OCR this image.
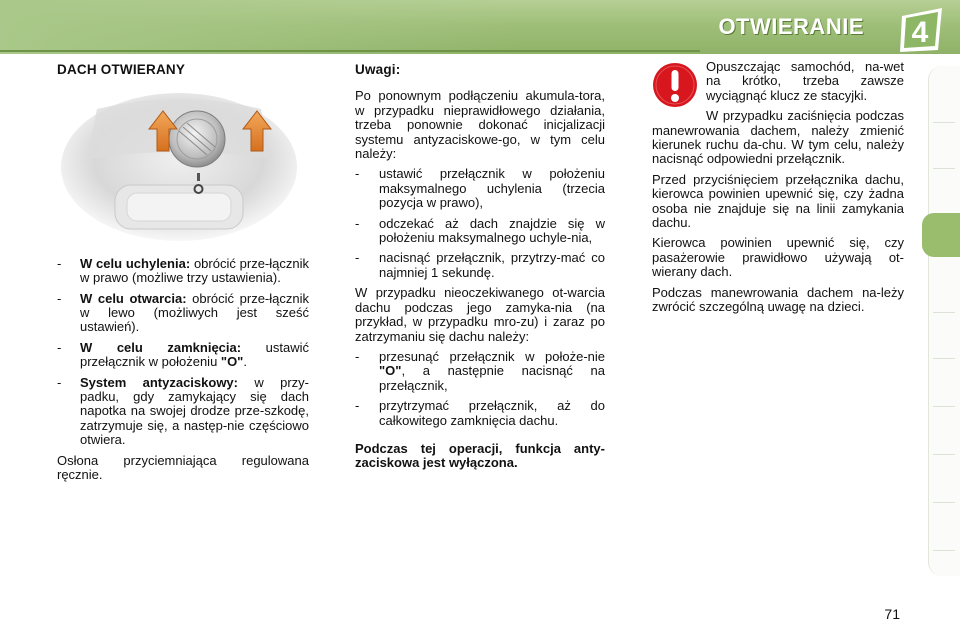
OTWIERANIE 4
DACH OTWIERANY

- W celu uchylenia: obrócić prze-łącznik w prawo (możliwe trzy ustawienia).

- W celu otwarcia: obrócić prze-łącznik w lewo (możliwych jest sześć ustawień).

- W celu zamknięcia: ustawić przełącznik w położeniu "O".

- System antyzaciskowy: w przy-padku, gdy zamykający się dach napotka na swojej drodze prze-szkodę, zatrzymuje się, a następ-nie częściowo otwiera.

Osłona przyciemniająca regulowana ręcznie.

Uwagi:

Po ponownym podłączeniu akumula-tora, w przypadku nieprawidłowego działania, trzeba ponownie dokonać inicjalizacji systemu antyzaciskowe-go, w tym celu należy:

- ustawić przełącznik w położeniu maksymalnego uchylenia (trzecia pozycja w prawo),

- odczekać aż dach znajdzie się w położeniu maksymalnego uchyle-nia,

- nacisnąć przełącznik, przytrzy-mać co najmniej 1 sekundę.

W przypadku nieoczekiwanego ot-warcia dachu podczas jego zamyka-nia (na przykład, w przypadku mro-zu) i zaraz po zatrzymaniu się dachu należy:

- przesunąć przełącznik w położe-nie "O", a następnie nacisnąć na przełącznik,

- przytrzymać przełącznik, aż do całkowitego zamknięcia dachu.

Podczas tej operacji, funkcja anty-zaciskowa jest wyłączona.

Opuszczając samochód, na-wet na krótko, trzeba zawsze wyciągnąć klucz ze stacyjki.

W przypadku zaciśnięcia podczas manewrowania dachem, należy zmienić kierunek ruchu da-chu. W tym celu, należy nacisnąć odpowiedni przełącznik.

Przed przyciśnięciem przełącznika dachu, kierowca powinien upewnić się, czy żadna osoba nie znajduje się na linii zamykania dachu.

Kierowca powinien upewnić się, czy pasażerowie prawidłowo używają ot-wierany dach.

Podczas manewrowania dachem na-leży zwrócić szczególną uwagę na dzieci.

71
